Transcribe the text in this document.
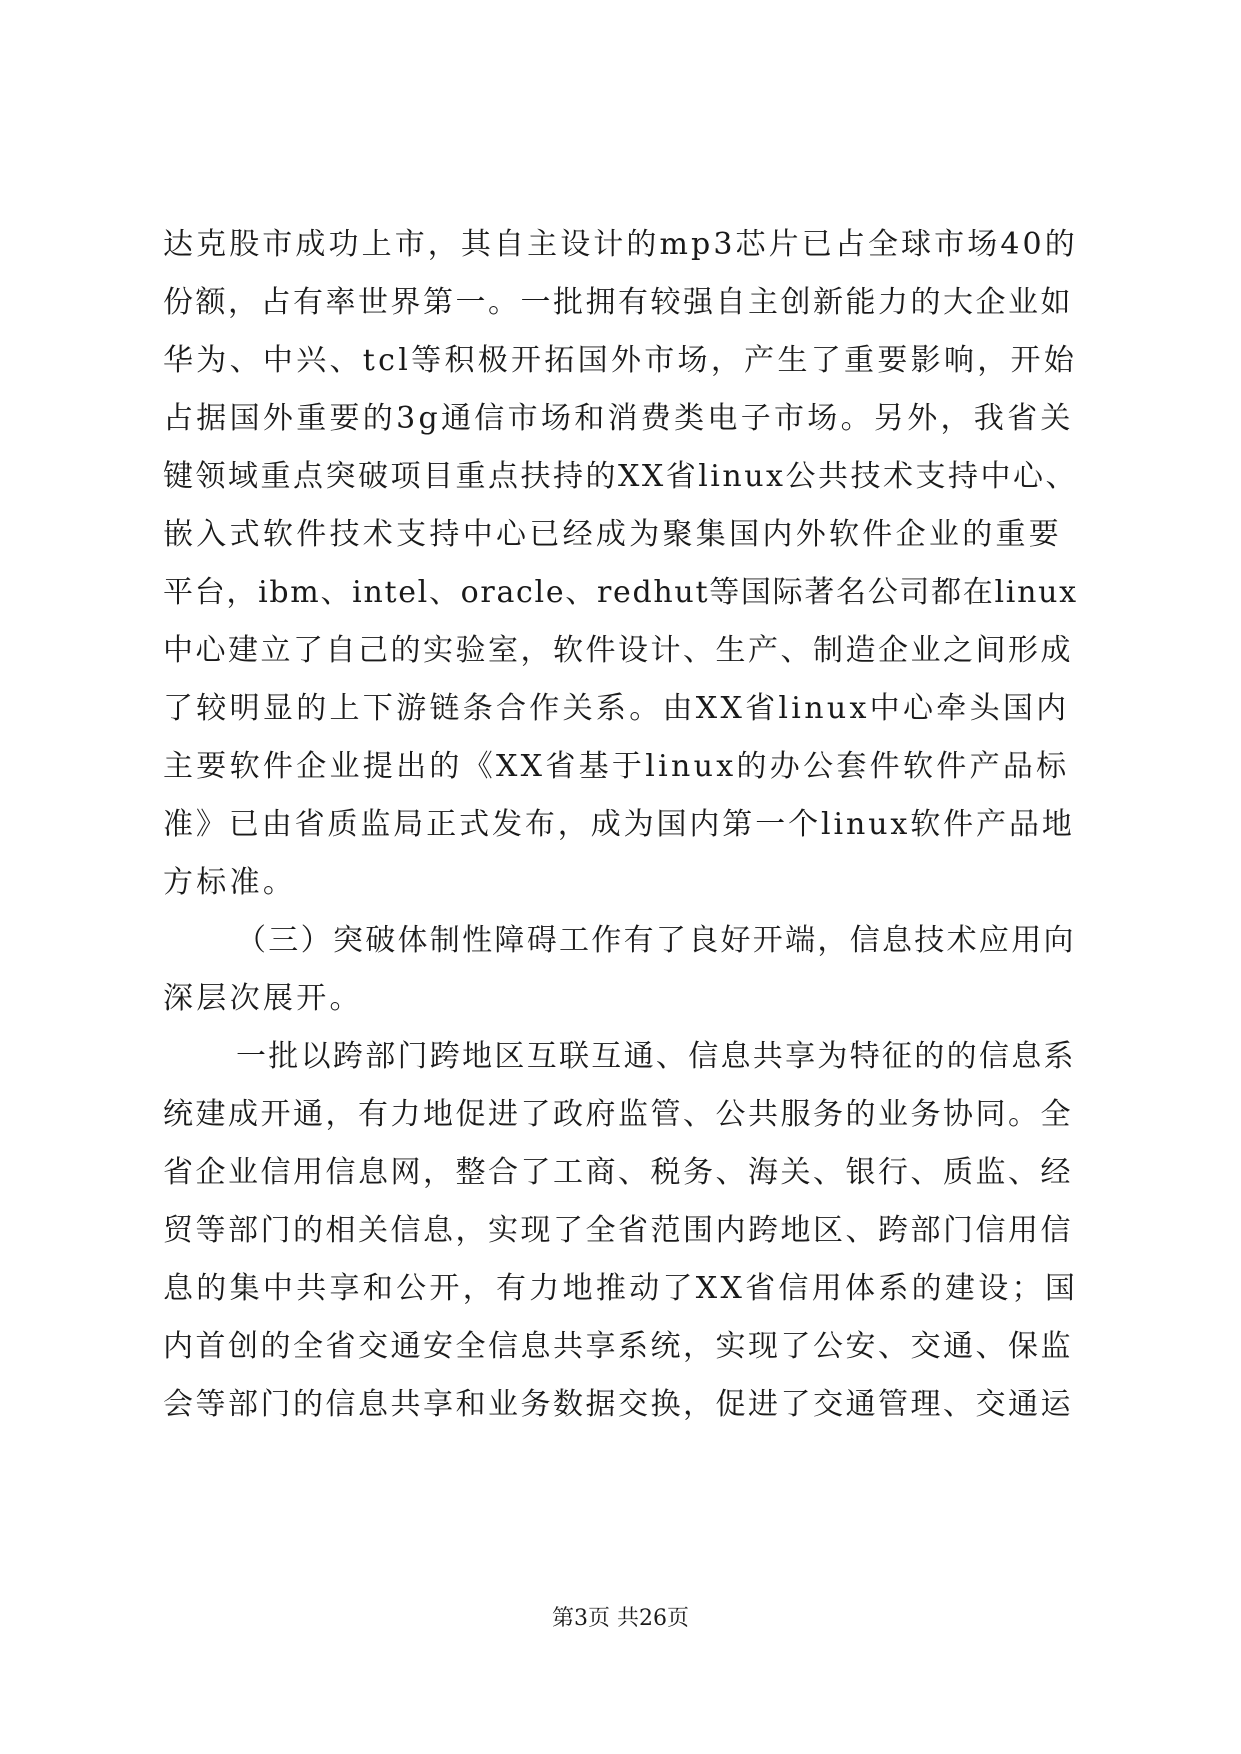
达克股市成功上市，其自主设计的mp3芯片已占全球市场40的
份额，占有率世界第一。一批拥有较强自主创新能力的大企业如
华为、中兴、tcl等积极开拓国外市场，产生了重要影响，开始
占据国外重要的3g通信市场和消费类电子市场。另外，我省关
键领域重点突破项目重点扶持的XX省linux公共技术支持中心、
嵌入式软件技术支持中心已经成为聚集国内外软件企业的重要
平台，ibm、intel、oracle、redhut等国际著名公司都在linux
中心建立了自己的实验室，软件设计、生产、制造企业之间形成
了较明显的上下游链条合作关系。由XX省linux中心牵头国内
主要软件企业提出的《XX省基于linux的办公套件软件产品标
准》已由省质监局正式发布，成为国内第一个linux软件产品地
方标准。
（三）突破体制性障碍工作有了良好开端，信息技术应用向
深层次展开。
一批以跨部门跨地区互联互通、信息共享为特征的的信息系
统建成开通，有力地促进了政府监管、公共服务的业务协同。全
省企业信用信息网，整合了工商、税务、海关、银行、质监、经
贸等部门的相关信息，实现了全省范围内跨地区、跨部门信用信
息的集中共享和公开，有力地推动了XX省信用体系的建设；国
内首创的全省交通安全信息共享系统，实现了公安、交通、保监
会等部门的信息共享和业务数据交换，促进了交通管理、交通运
第3页 共26页
